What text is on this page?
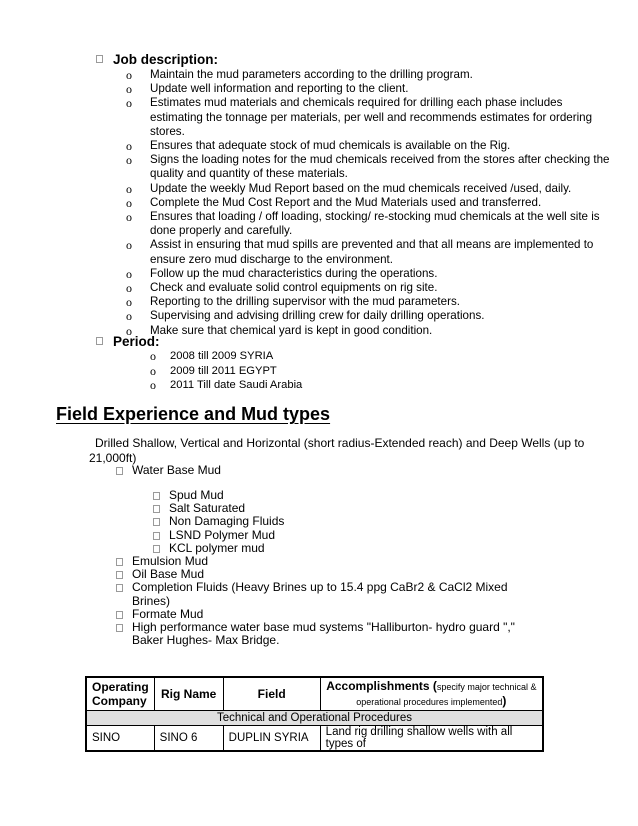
Job description:
o Maintain the mud parameters according to the drilling program.
o Update well information and reporting to the client.
o Estimates mud materials and chemicals required for drilling each phase includes estimating the tonnage per materials, per well and recommends estimates for ordering stores.
o Ensures that adequate stock of mud chemicals is available on the Rig.
o Signs the loading notes for the mud chemicals received from the stores after checking the quality and quantity of these materials.
o Update the weekly Mud Report based on the mud chemicals received /used, daily.
o Complete the Mud Cost Report and the Mud Materials used and transferred.
o Ensures that loading / off loading, stocking/ re-stocking mud chemicals at the well site is done properly and carefully.
o Assist in ensuring that mud spills are prevented and that all means are implemented to ensure zero mud discharge to the environment.
o Follow up the mud characteristics during the operations.
o Check and evaluate solid control equipments on rig site.
o Reporting to the drilling supervisor with the mud parameters.
o Supervising and advising drilling crew for daily drilling operations.
o Make sure that chemical yard is kept in good condition.
Period:
o 2008 till 2009 SYRIA
o 2009 till 2011 EGYPT
o 2011 Till date Saudi Arabia
Field Experience and Mud types
Drilled Shallow, Vertical and Horizontal (short radius-Extended reach) and Deep Wells (up to
21,000ft)
Water Base Mud
Spud Mud
Salt Saturated
Non Damaging Fluids
LSND Polymer Mud
KCL polymer mud
Emulsion Mud
Oil Base Mud
Completion Fluids (Heavy Brines up to 15.4 ppg CaBr2 & CaCl2 Mixed Brines)
Formate Mud
High performance water base mud systems "Halliburton- hydro guard "," Baker Hughes- Max Bridge.
Operating Company	Rig Name	Field	Accomplishments (specify major technical & operational procedures implemented)
Technical and Operational Procedures			
SINO	SINO 6	DUPLIN SYRIA	Land rig drilling shallow wells with all types of
